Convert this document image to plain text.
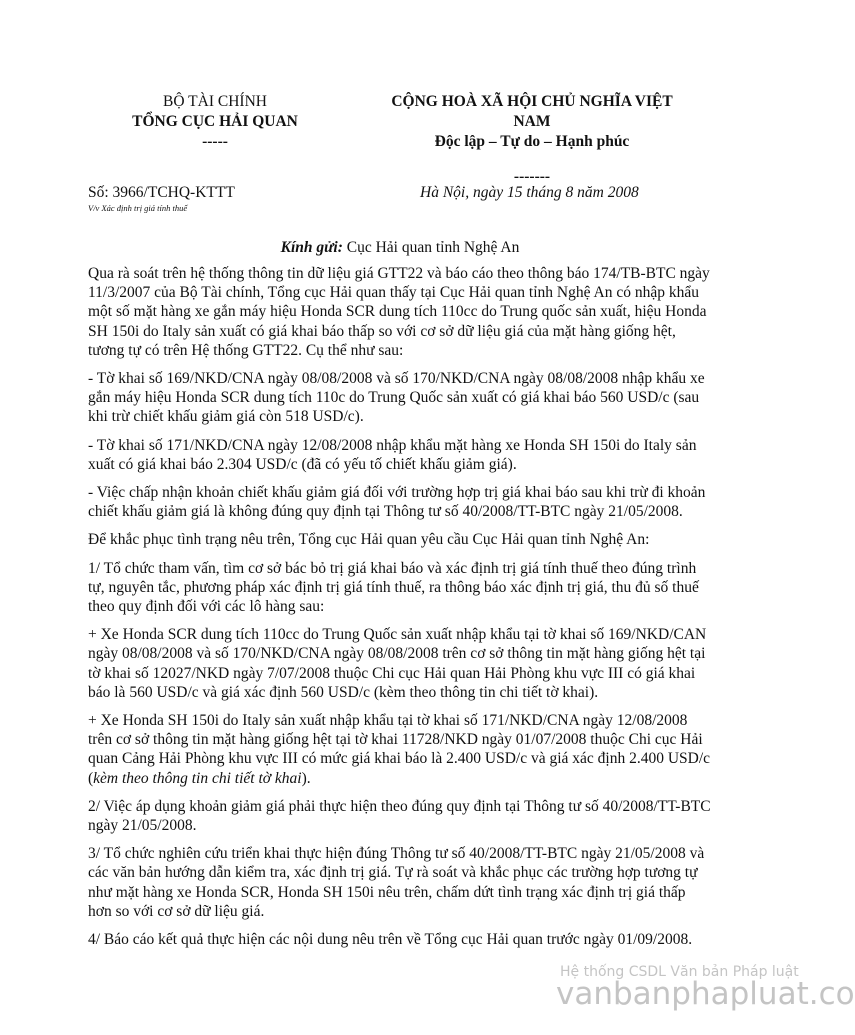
BỘ TÀI CHÍNH
TỔNG CỤC HẢI QUAN
-----
CỘNG HOÀ XÃ HỘI CHỦ NGHĨA VIỆT
NAM
Độc lập – Tự do – Hạnh phúc
-------
Số: 3966/TCHQ-KTTT
V/v Xác định trị giá tính thuế
Hà Nội, ngày 15 tháng 8 năm 2008
Kính gửi: Cục Hải quan tỉnh Nghệ An

Qua rà soát trên hệ thống thông tin dữ liệu giá GTT22 và báo cáo theo thông báo 174/TB-BTC ngày 11/3/2007 của Bộ Tài chính, Tổng cục Hải quan thấy tại Cục Hải quan tỉnh Nghệ An có nhập khẩu một số mặt hàng xe gắn máy hiệu Honda SCR dung tích 110cc do Trung quốc sản xuất, hiệu Honda SH 150i do Italy sản xuất có giá khai báo thấp so với cơ sở dữ liệu giá của mặt hàng giống hệt, tương tự có trên Hệ thống GTT22. Cụ thể như sau:

- Tờ khai số 169/NKD/CNA ngày 08/08/2008 và số 170/NKD/CNA ngày 08/08/2008 nhập khẩu xe gắn máy hiệu Honda SCR dung tích 110c do Trung Quốc sản xuất có giá khai báo 560 USD/c (sau khi trừ chiết khấu giảm giá còn 518 USD/c).

- Tờ khai số 171/NKD/CNA ngày 12/08/2008 nhập khẩu mặt hàng xe Honda SH 150i do Italy sản xuất có giá khai báo 2.304 USD/c (đã có yếu tố chiết khấu giảm giá).

- Việc chấp nhận khoản chiết khấu giảm giá đối với trường hợp trị giá khai báo sau khi trừ đi khoản chiết khấu giảm giá là không đúng quy định tại Thông tư số 40/2008/TT-BTC ngày 21/05/2008.

Để khắc phục tình trạng nêu trên, Tổng cục Hải quan yêu cầu Cục Hải quan tỉnh Nghệ An:

1/ Tổ chức tham vấn, tìm cơ sở bác bỏ trị giá khai báo và xác định trị giá tính thuế theo đúng trình tự, nguyên tắc, phương pháp xác định trị giá tính thuế, ra thông báo xác định trị giá, thu đủ số thuế theo quy định đối với các lô hàng sau:

+ Xe Honda SCR dung tích 110cc do Trung Quốc sản xuất nhập khẩu tại tờ khai số 169/NKD/CAN ngày 08/08/2008 và số 170/NKD/CNA ngày 08/08/2008 trên cơ sở thông tin mặt hàng giống hệt tại tờ khai số 12027/NKD ngày 7/07/2008 thuộc Chi cục Hải quan Hải Phòng khu vực III có giá khai báo là 560 USD/c và giá xác định 560 USD/c (kèm theo thông tin chi tiết tờ khai).

+ Xe Honda SH 150i do Italy sản xuất nhập khẩu tại tờ khai số 171/NKD/CNA ngày 12/08/2008 trên cơ sở thông tin mặt hàng giống hệt tại tờ khai 11728/NKD ngày 01/07/2008 thuộc Chi cục Hải quan Cảng Hải Phòng khu vực III có mức giá khai báo là 2.400 USD/c và giá xác định 2.400 USD/c (kèm theo thông tin chi tiết tờ khai).

2/ Việc áp dụng khoản giảm giá phải thực hiện theo đúng quy định tại Thông tư số 40/2008/TT-BTC ngày 21/05/2008.

3/ Tổ chức nghiên cứu triển khai thực hiện đúng Thông tư số 40/2008/TT-BTC ngày 21/05/2008 và các văn bản hướng dẫn kiểm tra, xác định trị giá. Tự rà soát và khắc phục các trường hợp tương tự như mặt hàng xe Honda SCR, Honda SH 150i nêu trên, chấm dứt tình trạng xác định trị giá thấp hơn so với cơ sở dữ liệu giá.

4/ Báo cáo kết quả thực hiện các nội dung nêu trên về Tổng cục Hải quan trước ngày 01/09/2008.

Hệ thống CSDL Văn bản Pháp luật
vanbanphapluat.co
